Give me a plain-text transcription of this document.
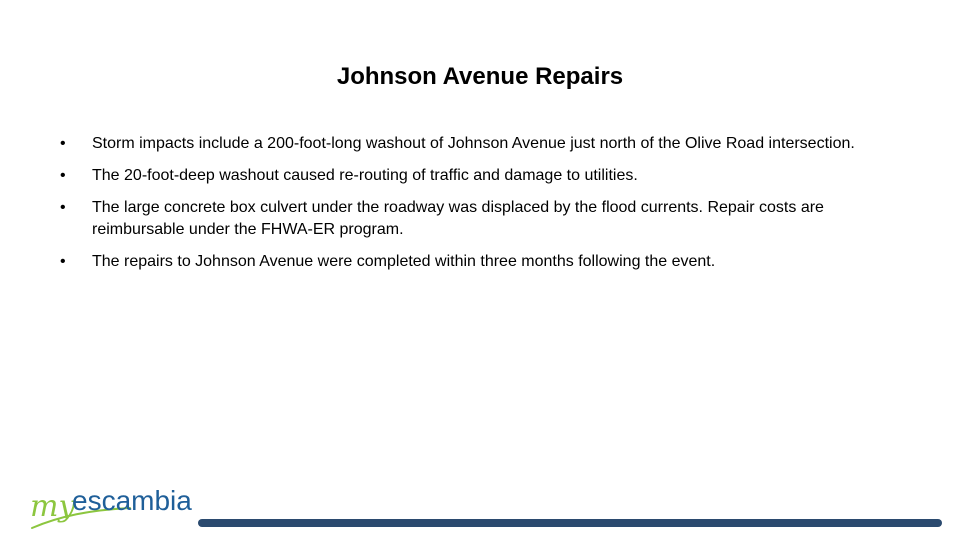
Johnson Avenue Repairs
•	Storm impacts include a 200-foot-long washout of Johnson Avenue just north of the Olive Road intersection.
•	The 20-foot-deep washout caused re-routing of traffic and damage to utilities.
•	The large concrete box culvert under the roadway was displaced by the flood currents. Repair costs are reimbursable under the FHWA-ER program.
•	The repairs to Johnson Avenue were completed within three months following the event.
my
escambia
